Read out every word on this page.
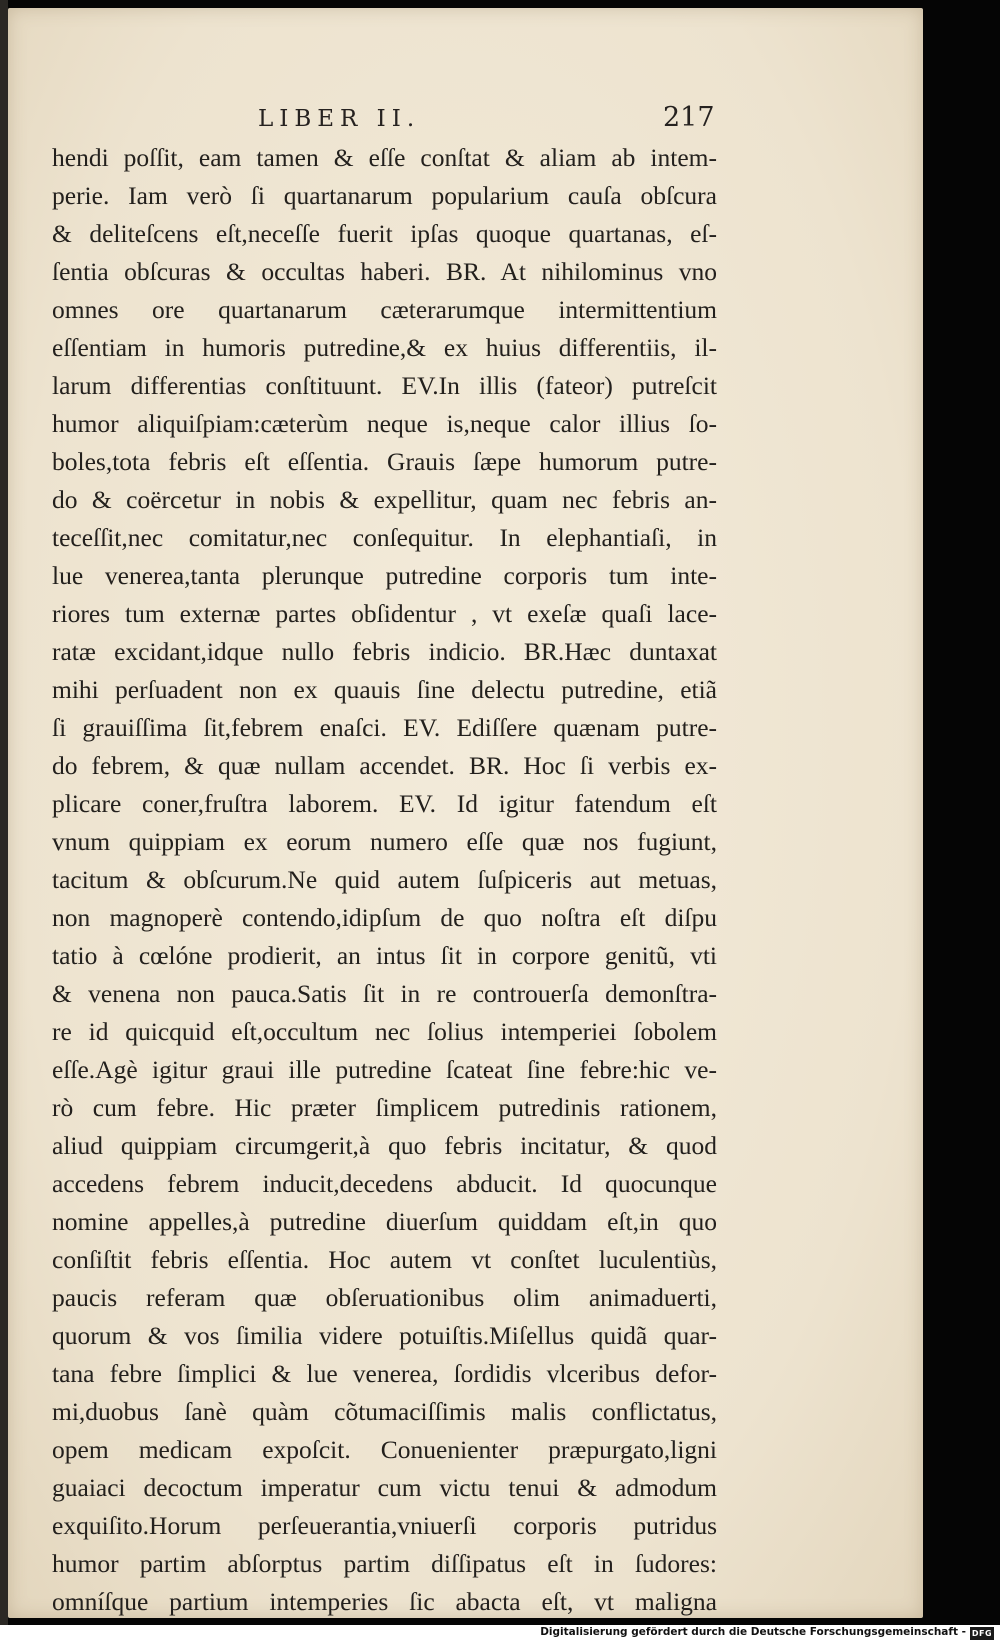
LIBER II.	217
hendi poſſit, eam tamen & eſſe conſtat & aliam ab intem-
perie. Iam verò ſi quartanarum popularium cauſa obſcura
& deliteſcens eſt,neceſſe fuerit ipſas quoque quartanas, eſ-
ſentia obſcuras & occultas haberi. BR. At nihilominus vno
omnes ore quartanarum cæterarumque intermittentium
eſſentiam in humoris putredine,& ex huius differentiis, il-
larum differentias conſtituunt. EV.In illis (fateor) putreſcit
humor aliquiſpiam:cæterùm neque is,neque calor illius ſo-
boles,tota febris eſt eſſentia. Grauis ſæpe humorum putre-
do & coërcetur in nobis & expellitur, quam nec febris an-
teceſſit,nec comitatur,nec conſequitur. In elephantiaſi, in
lue venerea,tanta plerunque putredine corporis tum inte-
riores tum externæ partes obſidentur , vt exeſæ quaſi lace-
ratæ excidant,idque nullo febris indicio. BR.Hæc duntaxat
mihi perſuadent non ex quauis ſine delectu putredine, etiã
ſi grauiſſima ſit,febrem enaſci. EV. Ediſſere quænam putre-
do febrem, & quæ nullam accendet. BR. Hoc ſi verbis ex-
plicare coner,fruſtra laborem. EV. Id igitur fatendum eſt
vnum quippiam ex eorum numero eſſe quæ nos fugiunt,
tacitum & obſcurum.Ne quid autem ſuſpiceris aut metuas,
non magnoperè contendo,idipſum de quo noſtra eſt diſpu
tatio à cœlóne prodierit, an intus ſit in corpore genitũ, vti
& venena non pauca.Satis ſit in re controuerſa demonſtra-
re id quicquid eſt,occultum nec ſolius intemperiei ſobolem
eſſe.Agè igitur graui ille putredine ſcateat ſine febre:hic ve-
rò cum febre. Hic præter ſimplicem putredinis rationem,
aliud quippiam circumgerit,à quo febris incitatur, & quod
accedens febrem inducit,decedens abducit. Id quocunque
nomine appelles,à putredine diuerſum quiddam eſt,in quo
conſiſtit febris eſſentia. Hoc autem vt conſtet luculentiùs,
paucis referam quæ obſeruationibus olim animaduerti,
quorum & vos ſimilia videre potuiſtis.Miſellus quidã quar-
tana febre ſimplici & lue venerea, ſordidis vlceribus defor-
mi,duobus ſanè quàm cõtumaciſſimis malis conflictatus,
opem medicam expoſcit. Conuenienter præpurgato,ligni
guaiaci decoctum imperatur cum victu tenui & admodum
exquiſito.Horum perſeuerantia,vniuerſi corporis putridus
humor partim abſorptus partim diſſipatus eſt in ſudores:
omníſque partium intemperies ſic abacta eſt, vt maligna
Digitalisierung gefördert durch die Deutsche Forschungsgemeinschaft - DFG
